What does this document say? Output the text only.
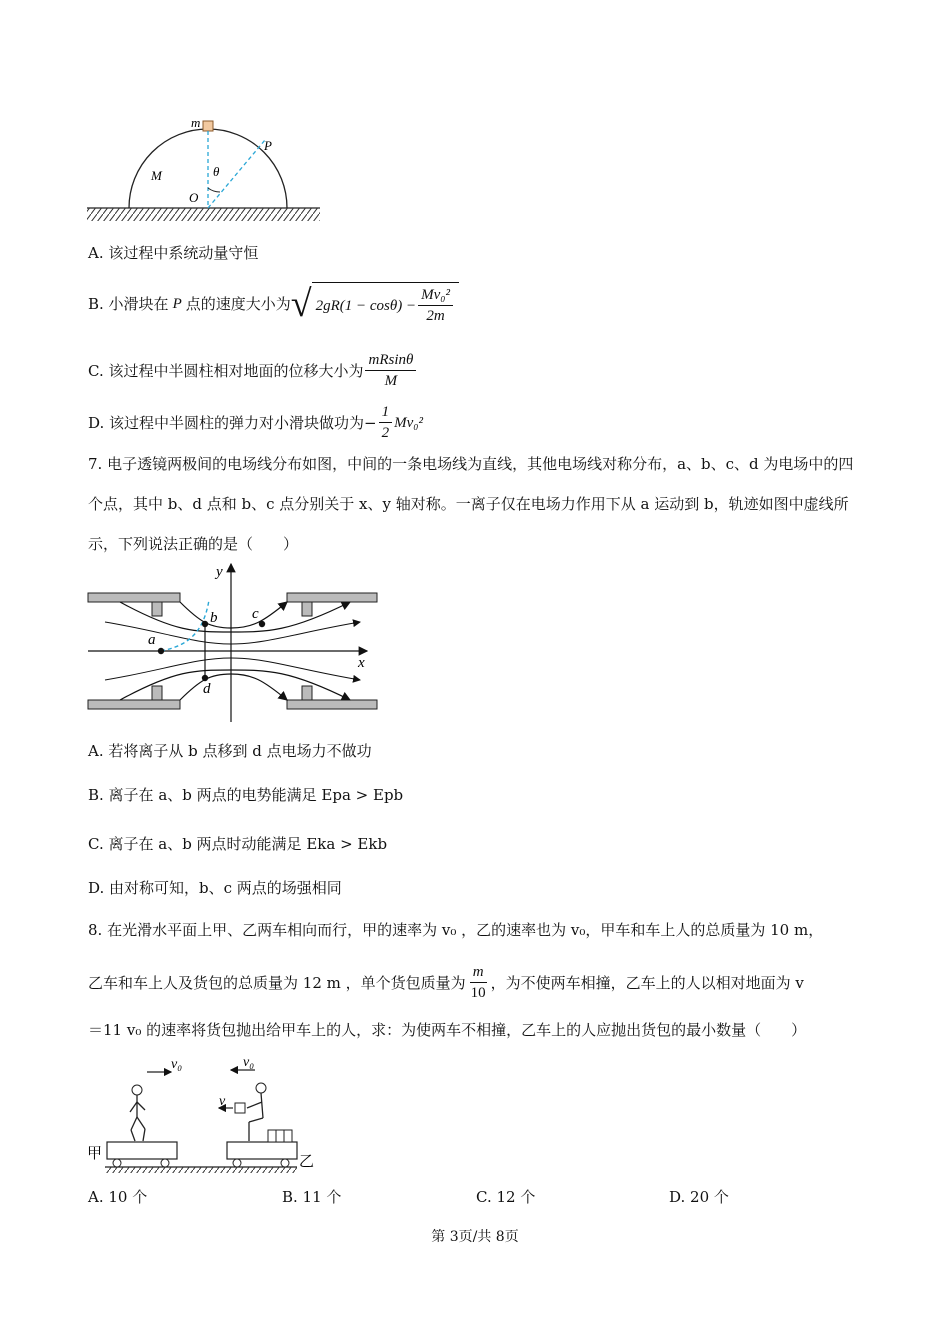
m
M
P
O
θ
A. 该过程中系统动量守恒
B. 小滑块在 P 点的速度大小为 √ $2gR(1 - \cos\theta) - \frac{\text{Mv₀²}}{2m}$
C. 该过程中半圆柱相对地面的位移大小为 $\frac{mRsin\theta}{M}$
D. 该过程中半圆柱的弹力对小滑块做功为− $\frac{1}{2} Mv_0^2$
7. 电子透镜两极间的电场线分布如图，中间的一条电场线为直线，其他电场线对称分布，a、b、c、d 为电场中的四个点，其中 b、d 点和 b、c 点分别关于 x、y 轴对称。一离子仅在电场力作用下从 a 运动到 b，轨迹如图中虚线所示，下列说法正确的是（　　）
y
x
a
b c
d
A. 若将离子从 b 点移到 d 点电场力不做功
B. 离子在 a、b 两点的电势能满足 Epa > Epb
C. 离子在 a、b 两点时动能满足 Eka > Ekb
D. 由对称可知，b、c 两点的场强相同
8. 在光滑水平面上甲、乙两车相向而行，甲的速率为 v₀ ，乙的速率也为 v₀，甲车和车上人的总质量为 10 m，
乙车和车上人及货包的总质量为 12 m ，单个货包质量为 $\frac{m}{10}$ ，为不使两车相撞，乙车上的人以相对地面为 v
＝11 v₀ 的速率将货包抛出给甲车上的人，求：为使两车不相撞，乙车上的人应抛出货包的最小数量（　　）
v₀	v₀
v
甲	乙
A. 10 个	B. 11 个	C. 12 个	D. 20 个
第 3页/共 8页
